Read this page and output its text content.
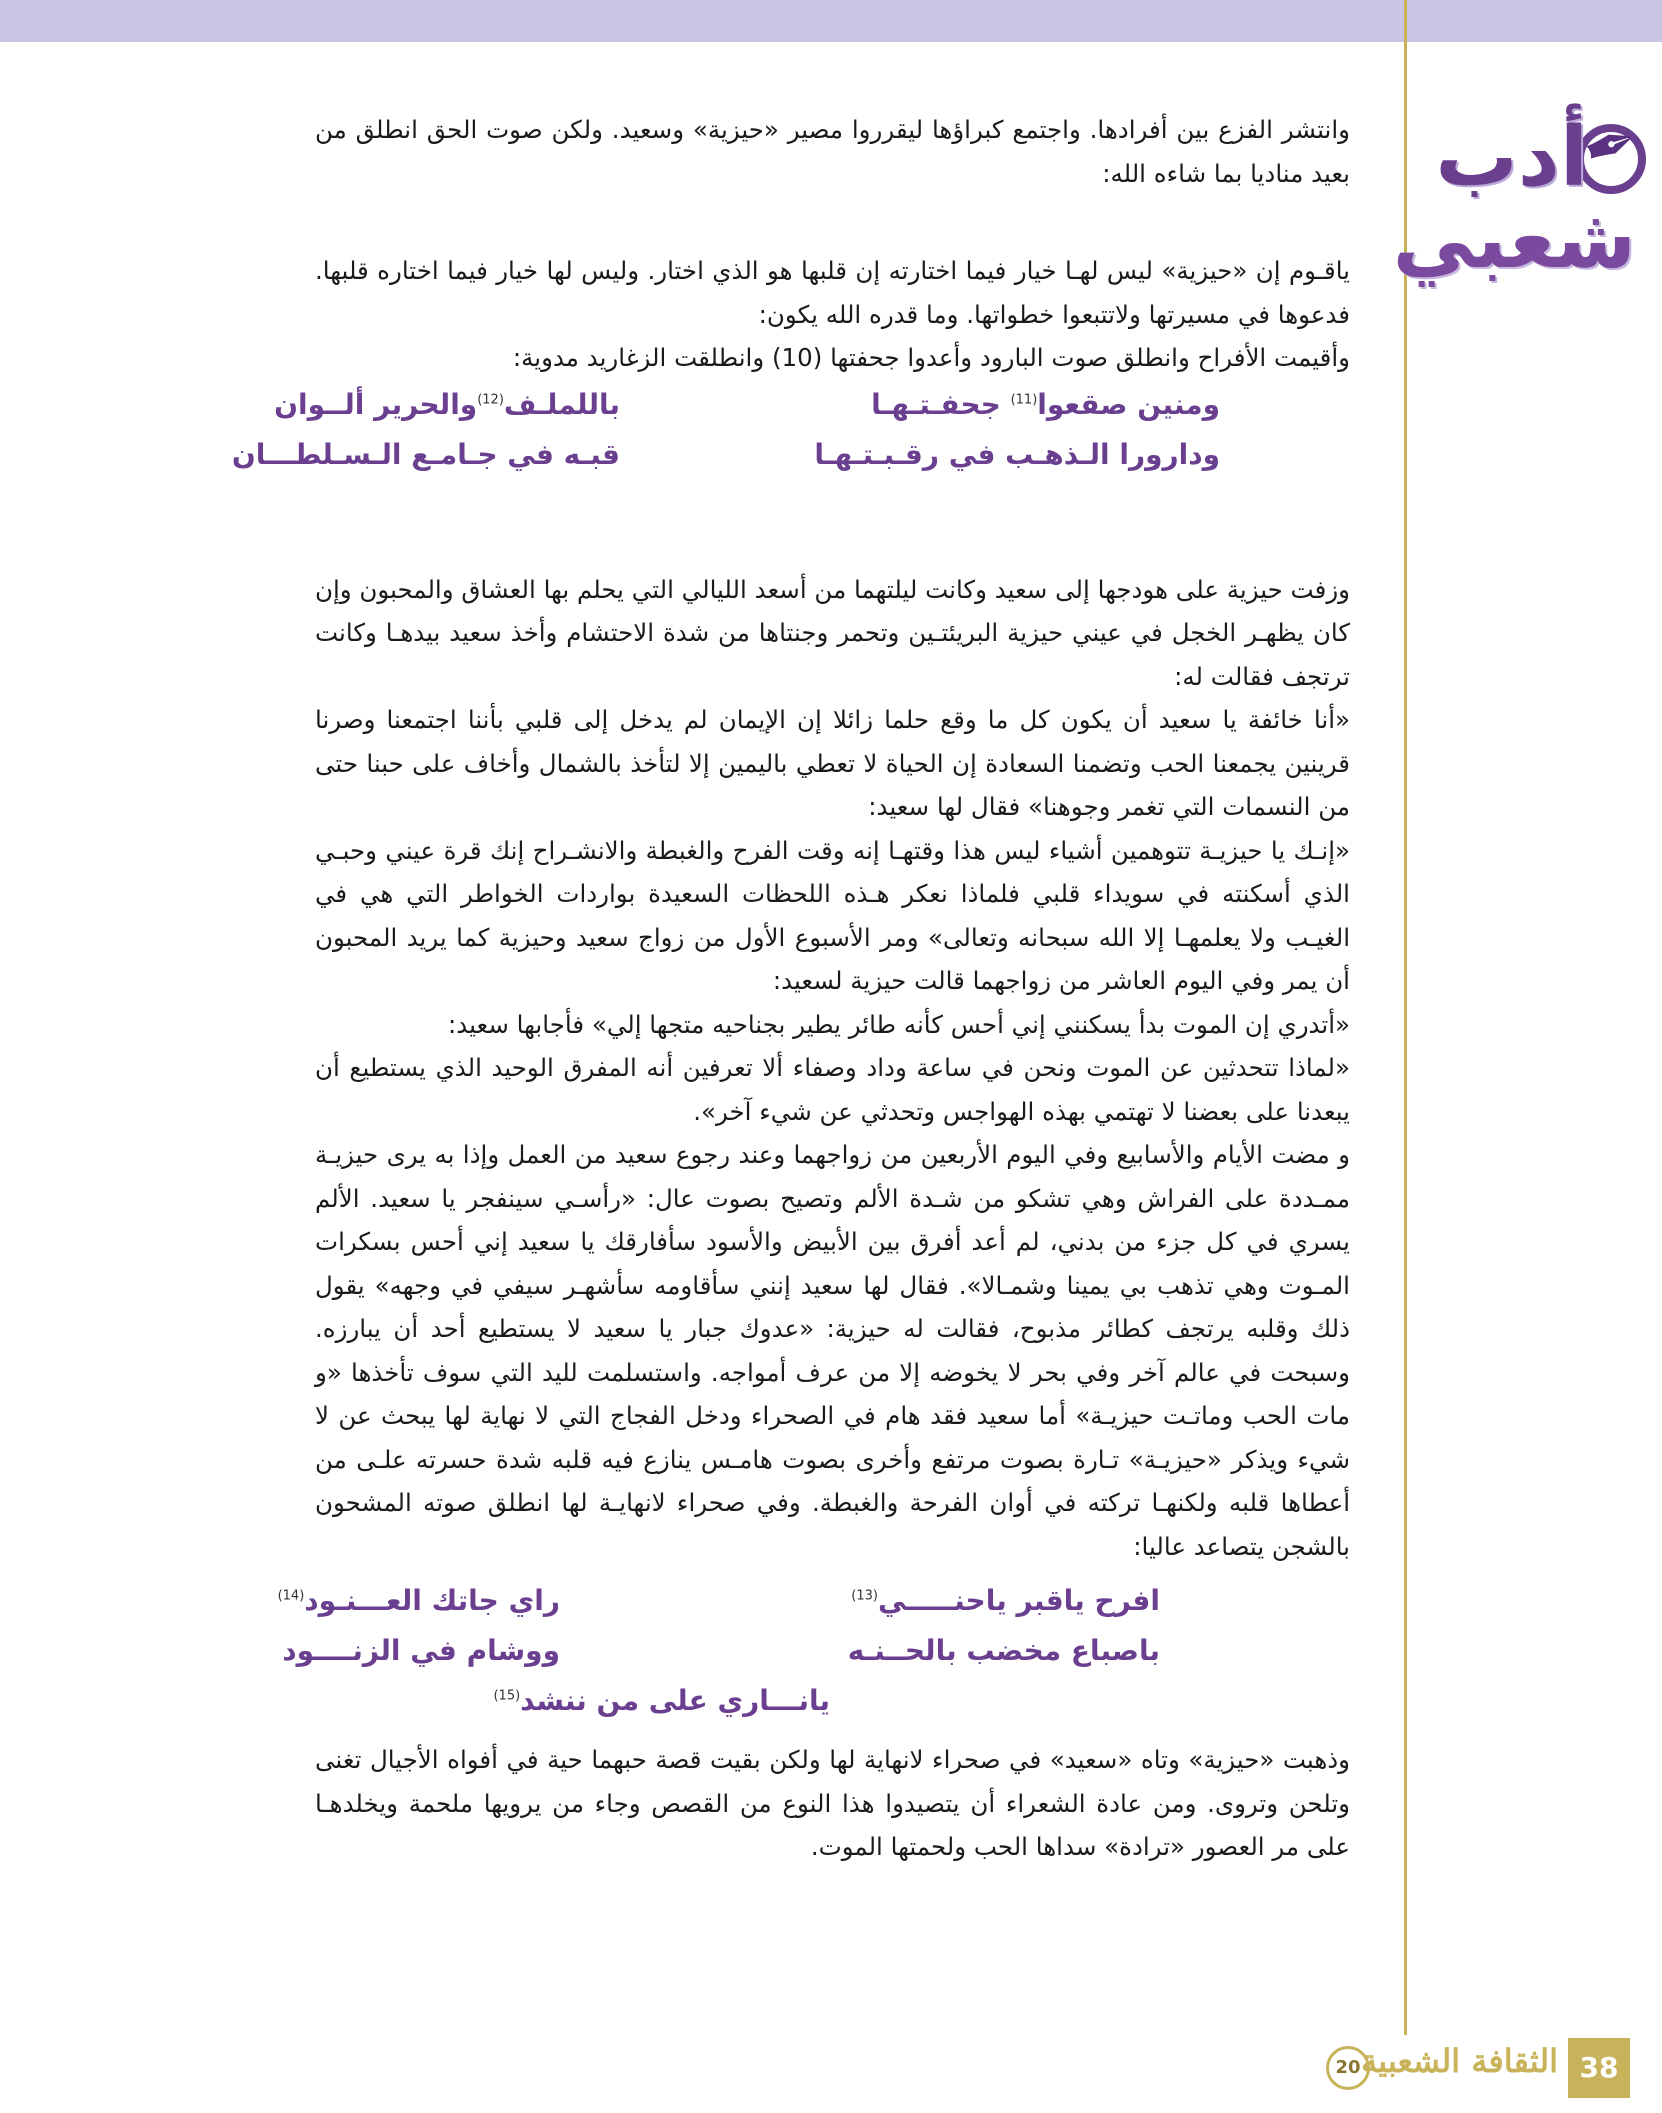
✒
أدب
شعبي

وانتشر الفزع بين أفرادها. واجتمع كبراؤها ليقرروا مصير «حيزية» وسعيد. ولكن صوت الحق انطلق من بعيد مناديا بما شاءه الله:

ياقـوم إن «حيزية» ليس لهـا خيار فيما اختارته إن قلبها هو الذي اختار. وليس لها خيار فيما اختاره قلبها. فدعوها في مسيرتها ولاتتبعوا خطواتها. وما قدره الله يكون:

وأقيمت الأفراح وانطلق صوت البارود وأعدوا جحفتها (10) وانطلقت الزغاريد مدوية:

ومنين صقعوا$^{(11)}$ جحفـتـهـا
باللملـف$^{(12)}$والحرير ألــوان
ودارورا الـذهـب في رقـبـتـهـا
قبـه في جـامـع الـسـلطـــان

وزفت حيزية على هودجها إلى سعيد وكانت ليلتهما من أسعد الليالي التي يحلم بها العشاق والمحبون وإن كان يظهـر الخجل في عيني حيزية البريئتـين وتحمر وجنتاها من شدة الاحتشام وأخذ سعيد بيدهـا وكانت ترتجف فقالت له:

«أنا خائفة يا سعيد أن يكون كل ما وقع حلما زائلا إن الإيمان لم يدخل إلى قلبي بأننا اجتمعنا وصرنا قرينين يجمعنا الحب وتضمنا السعادة إن الحياة لا تعطي باليمين إلا لتأخذ بالشمال وأخاف على حبنا حتى من النسمات التي تغمر وجوهنا» فقال لها سعيد:

«إنـك يا حيزيـة تتوهمين أشياء ليس هذا وقتهـا إنه وقت الفرح والغبطة والانشـراح إنك قرة عيني وحبـي الذي أسكنته في سويداء قلبي فلماذا نعكر هـذه اللحظات السعيدة بواردات الخواطر التي هي في الغيـب ولا يعلمهـا إلا الله سبحانه وتعالى» ومر الأسبوع الأول من زواج سعيد وحيزية كما يريد المحبون أن يمر وفي اليوم العاشر من زواجهما قالت حيزية لسعيد:

«أتدري إن الموت بدأ يسكنني إني أحس كأنه طائر يطير بجناحيه متجها إلي» فأجابها سعيد:

«لماذا تتحدثين عن الموت ونحن في ساعة وداد وصفاء ألا تعرفين أنه المفرق الوحيد الذي يستطيع أن يبعدنا على بعضنا لا تهتمي بهذه الهواجس وتحدثي عن شيء آخر».

و مضت الأيام والأسابيع وفي اليوم الأربعين من زواجهما وعند رجوع سعيد من العمل وإذا به يرى حيزيـة ممـددة على الفراش وهي تشكو من شـدة الألم وتصيح بصوت عال: «رأسـي سينفجر يا سعيد. الألم يسري في كل جزء من بدني، لم أعد أفرق بين الأبيض والأسود سأفارقك يا سعيد إني أحس بسكرات المـوت وهي تذهب بي يمينا وشمـالا». فقال لها سعيد إنني سأقاومه سأشهـر سيفي في وجهه» يقول ذلك وقلبه يرتجف كطائر مذبوح، فقالت له حيزية: «عدوك جبار يا سعيد لا يستطيع أحد أن يبارزه. وسبحت في عالم آخر وفي بحر لا يخوضه إلا من عرف أمواجه. واستسلمت لليد التي سوف تأخذها «و مات الحب وماتـت حيزيـة» أما سعيد فقد هام في الصحراء ودخل الفجاج التي لا نهاية لها يبحث عن لا شيء ويذكر «حيزيـة» تـارة بصوت مرتفع وأخرى بصوت هامـس ينازع فيه قلبه شدة حسرته علـى من أعطاها قلبه ولكنهـا تركته في أوان الفرحة والغبطة. وفي صحراء لانهايـة لها انطلق صوته المشحون بالشجن يتصاعد عاليا:

افرح ياقبر ياحنـــــي$^{(13)}$
راي جاتك العـــنـود$^{(14)}$
باصباع مخضب بالحــنـه
ووشام في الزنــــود
يانـــاري على من ننشد$^{(15)}$

وذهبت «حيزية» وتاه «سعيد» في صحراء لانهاية لها ولكن بقيت قصة حبهما حية في أفواه الأجيال تغنى وتلحن وتروى. ومن عادة الشعراء أن يتصيدوا هذا النوع من القصص وجاء من يرويها ملحمة ويخلدهـا على مر العصور «ترادة» سداها الحب ولحمتها الموت.

38
الثقافة الشعبية
20
